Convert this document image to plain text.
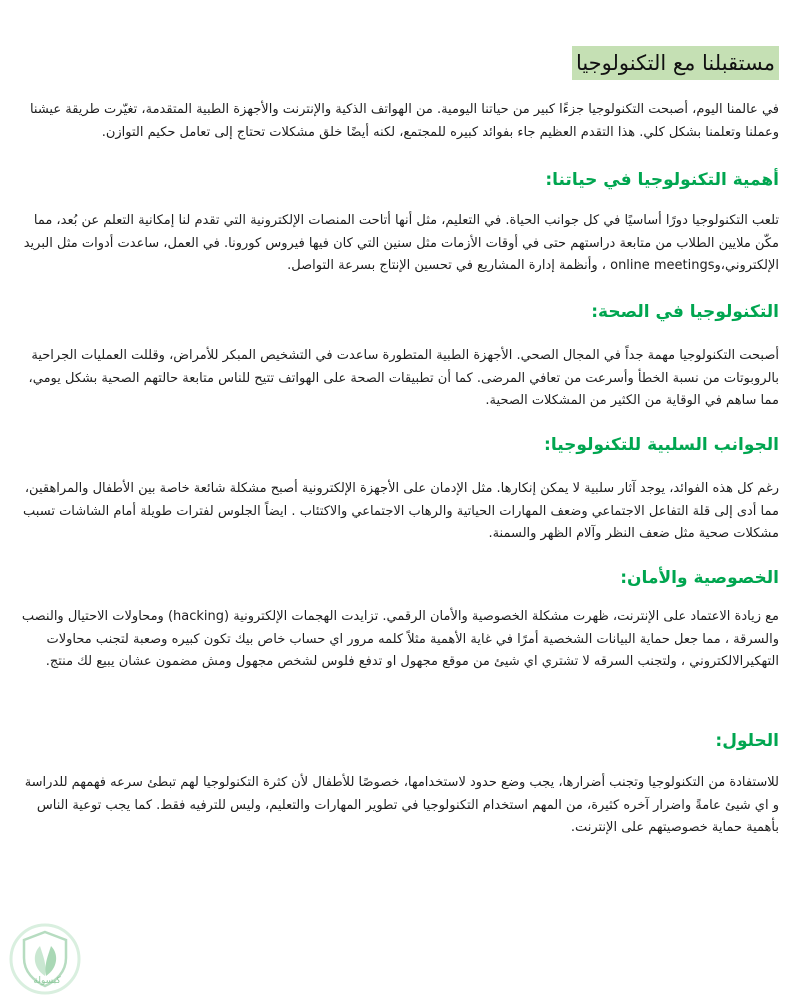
مستقبلنا مع التكنولوجيا

في عالمنا اليوم، أصبحت التكنولوجيا جزءًا كبير من حياتنا اليومية. من الهواتف الذكية والإنترنت والأجهزة الطبية المتقدمة، تغيّرت طريقة عيشنا وعملنا وتعلمنا بشكل كلي. هذا التقدم العظيم جاء بفوائد كبيره للمجتمع، لكنه أيضًا خلق مشكلات تحتاج إلى تعامل حكيم التوازن.

أهمية التكنولوجيا في حياتنا:

تلعب التكنولوجيا دورًا أساسيًا في كل جوانب الحياة. في التعليم، مثل أنها أتاحت المنصات الإلكترونية التي تقدم لنا إمكانية التعلم عن بُعد، مما مكّن ملايين الطلاب من متابعة دراستهم حتى في أوقات الأزمات مثل سنين التي كان فيها فيروس كورونا. في العمل، ساعدت أدوات مثل البريد الإلكتروني،وonline meetings ، وأنظمة إدارة المشاريع في تحسين الإنتاج بسرعة التواصل.

التكنولوجيا في الصحة:

أصبحت التكنولوجيا مهمة جداً في المجال الصحي. الأجهزة الطبية المتطورة ساعدت في التشخيص المبكر للأمراض، وقللت العمليات الجراحية بالروبوتات من نسبة الخطأ وأسرعت من تعافي المرضى. كما أن تطبيقات الصحة على الهواتف تتيح للناس متابعة حالتهم الصحية بشكل يومي، مما ساهم في الوقاية من الكثير من المشكلات الصحية.

الجوانب السلبية للتكنولوجيا:

رغم كل هذه الفوائد، يوجد آثار سلبية لا يمكن إنكارها. مثل الإدمان على الأجهزة الإلكترونية أصبح مشكلة شائعة خاصة بين الأطفال والمراهقين، مما أدى إلى قلة التفاعل الاجتماعي وضعف المهارات الحياتية والرهاب الاجتماعي والاكتئاب . ايضاً الجلوس لفترات طويلة أمام الشاشات تسبب مشكلات صحية مثل ضعف النظر وآلام الظهر والسمنة.

الخصوصية والأمان:

مع زيادة الاعتماد على الإنترنت، ظهرت مشكلة الخصوصية والأمان الرقمي. تزايدت الهجمات الإلكترونية (hacking) ومحاولات الاحتيال والنصب والسرقة ، مما جعل حماية البيانات الشخصية أمرًا في غاية الأهمية مثلاً كلمه مرور اي حساب خاص بيك تكون كبيره وصعبة لتجنب محاولات التهكيرالالكتروني ، ولتجنب السرقه لا تشتري اي شيئ من موقع مجهول او تدفع فلوس لشخص مجهول ومش مضمون عشان يبيع لك منتج.

الحلول:

للاستفادة من التكنولوجيا وتجنب أضرارها، يجب وضع حدود لاستخدامها، خصوصًا للأطفال لأن كثرة التكنولوجيا لهم تبطئ سرعه فهمهم للدراسة و اي شيئ عامةً واضرار آخره كثيرة، من المهم استخدام التكنولوجيا في تطوير المهارات والتعليم، وليس للترفيه فقط. كما يجب توعية الناس بأهمية حماية خصوصيتهم على الإنترنت.

كبسولة
